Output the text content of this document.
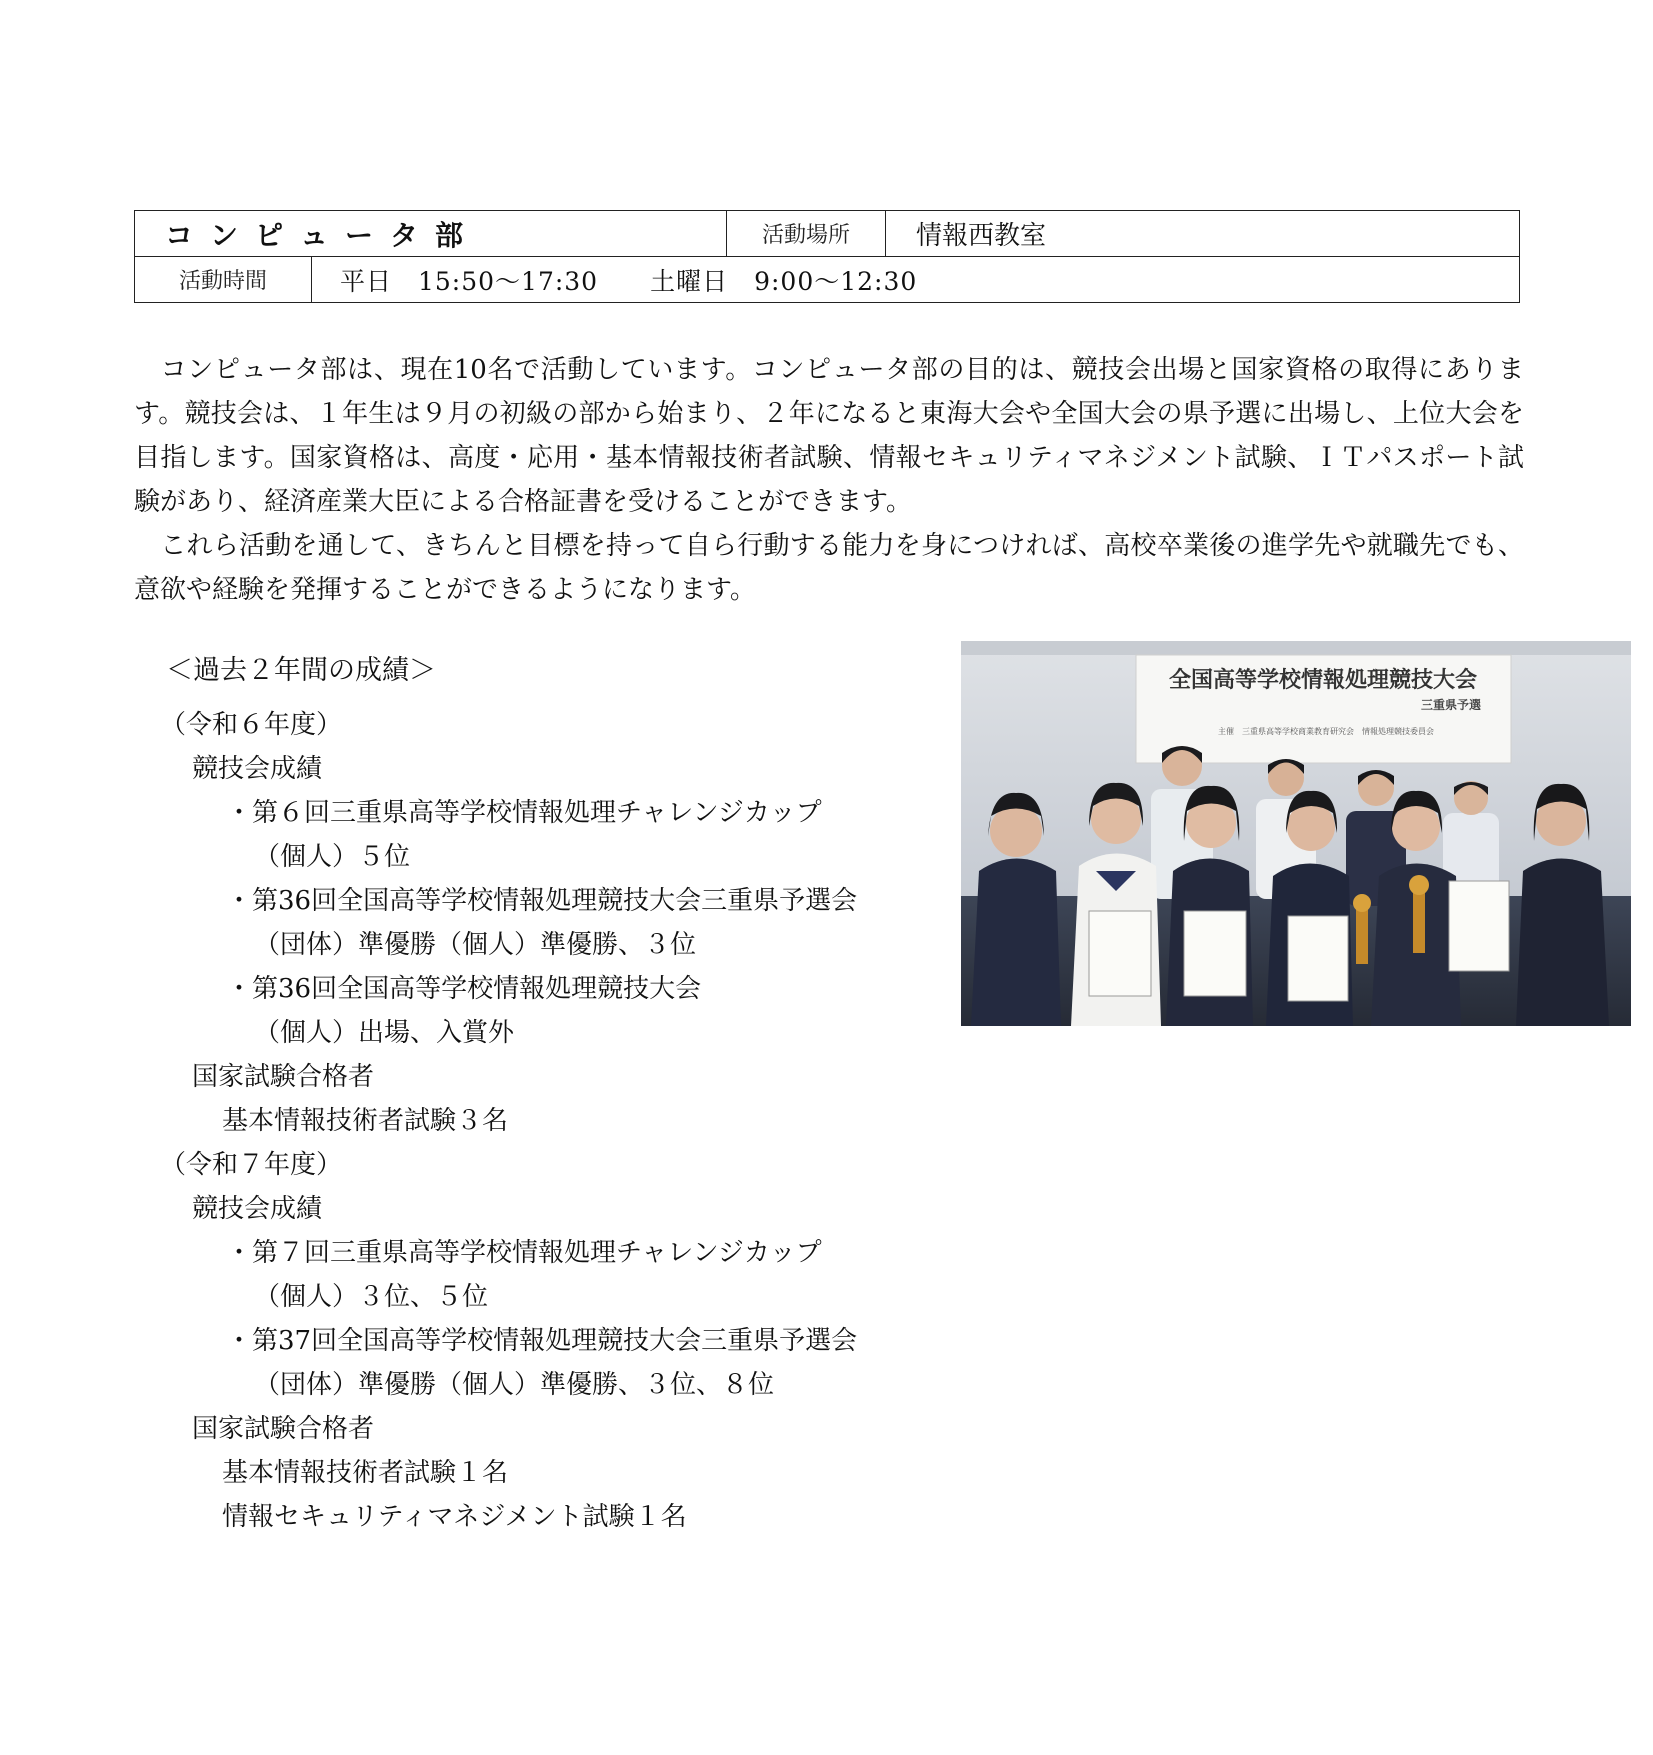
コンピュータ部		活動場所	情報西教室
活動時間	平日　15:50～17:30　　土曜日　9:00～12:30		

　コンピュータ部は、現在10名で活動しています。コンピュータ部の目的は、競技会出場と国家資格の取得にあります。競技会は、１年生は９月の初級の部から始まり、２年になると東海大会や全国大会の県予選に出場し、上位大会を目指します。国家資格は、高度・応用・基本情報技術者試験、情報セキュリティマネジメント試験、ＩＴパスポート試験があり、経済産業大臣による合格証書を受けることができます。

　これら活動を通して、きちんと目標を持って自ら行動する能力を身につければ、高校卒業後の進学先や就職先でも、意欲や経験を発揮することができるようになります。

全国高等学校情報処理競技大会
三重県予選
主催　三重県高等学校商業教育研究会　情報処理競技委員会
＜過去２年間の成績＞
（令和６年度）
競技会成績
・第６回三重県高等学校情報処理チャレンジカップ
（個人）５位
・第36回全国高等学校情報処理競技大会三重県予選会
（団体）準優勝（個人）準優勝、３位
・第36回全国高等学校情報処理競技大会
（個人）出場、入賞外
国家試験合格者
基本情報技術者試験３名
（令和７年度）
競技会成績
・第７回三重県高等学校情報処理チャレンジカップ
（個人）３位、５位
・第37回全国高等学校情報処理競技大会三重県予選会
（団体）準優勝（個人）準優勝、３位、８位
国家試験合格者
基本情報技術者試験１名
情報セキュリティマネジメント試験１名
